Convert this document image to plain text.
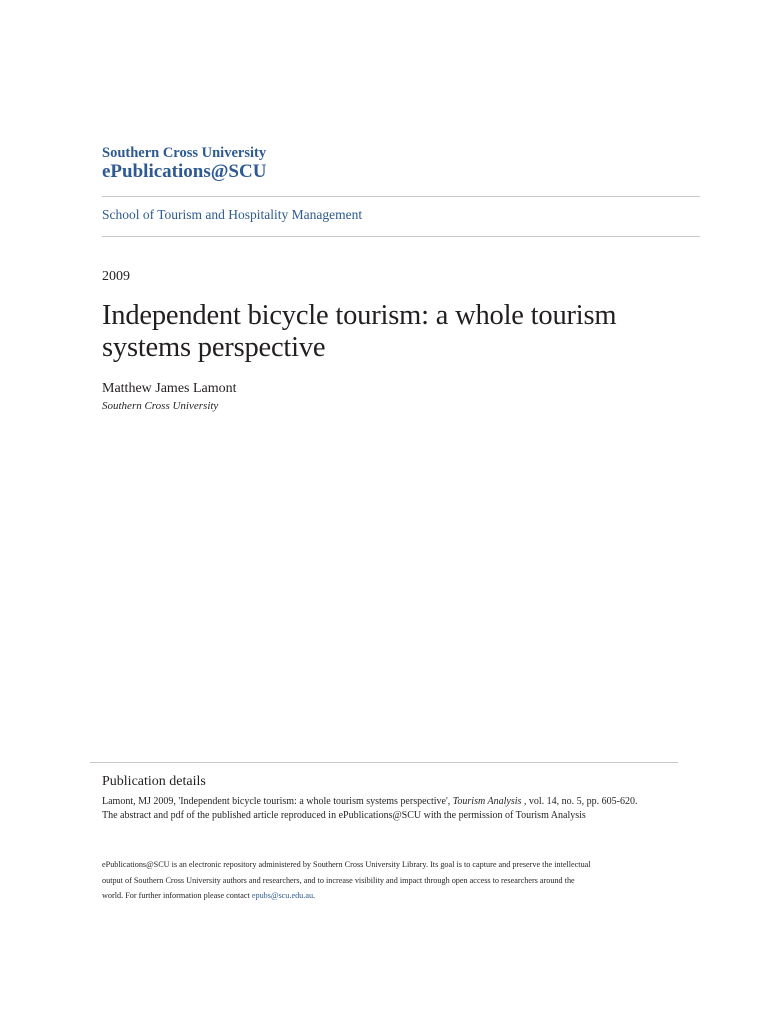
Southern Cross University
ePublications@SCU
School of Tourism and Hospitality Management
2009
Independent bicycle tourism: a whole tourism systems perspective
Matthew James Lamont
Southern Cross University
Publication details
Lamont, MJ 2009, 'Independent bicycle tourism: a whole tourism systems perspective', Tourism Analysis , vol. 14, no. 5, pp. 605-620.
The abstract and pdf of the published article reproduced in ePublications@SCU with the permission of Tourism Analysis
ePublications@SCU is an electronic repository administered by Southern Cross University Library. Its goal is to capture and preserve the intellectual
output of Southern Cross University authors and researchers, and to increase visibility and impact through open access to researchers around the
world. For further information please contact epubs@scu.edu.au.
